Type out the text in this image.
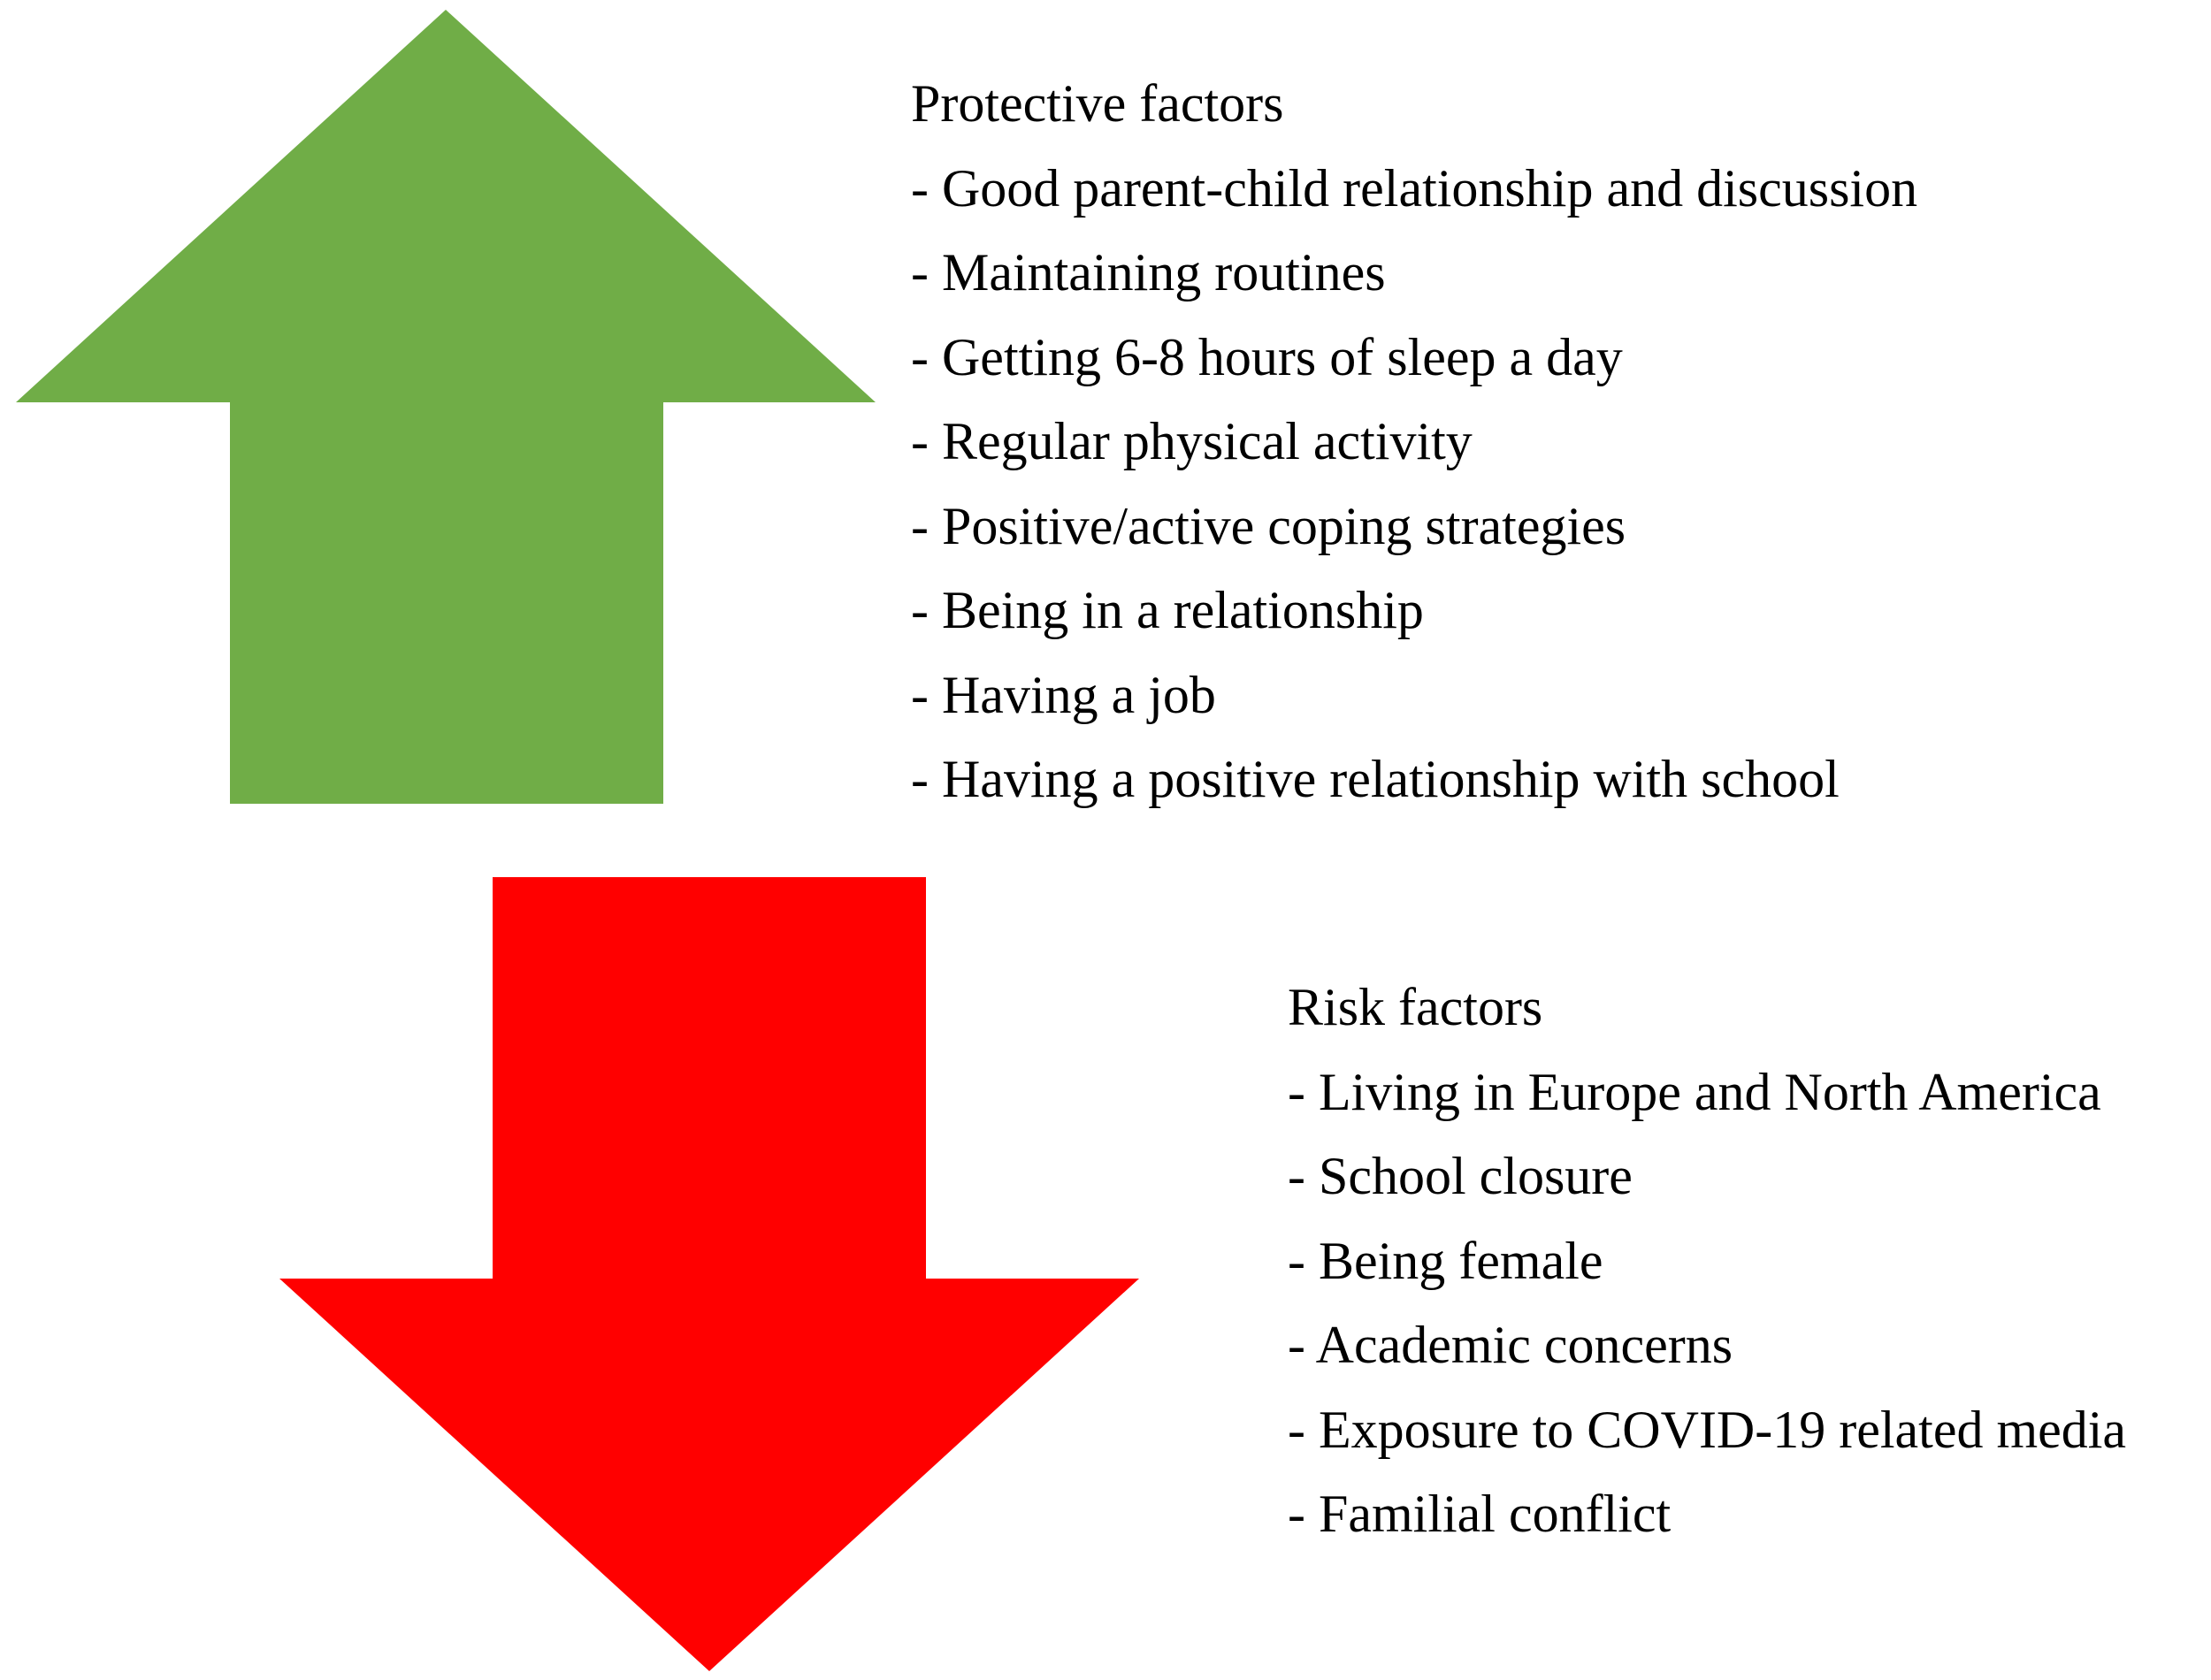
Protective factors
- Good parent-child relationship and discussion
- Maintaining routines
- Getting 6-8 hours of sleep a day
- Regular physical activity
- Positive/active coping strategies
- Being in a relationship
- Having a job
- Having a positive relationship with school
Risk factors
- Living in Europe and North America
- School closure
- Being female
- Academic concerns
- Exposure to COVID-19 related media
- Familial conflict
